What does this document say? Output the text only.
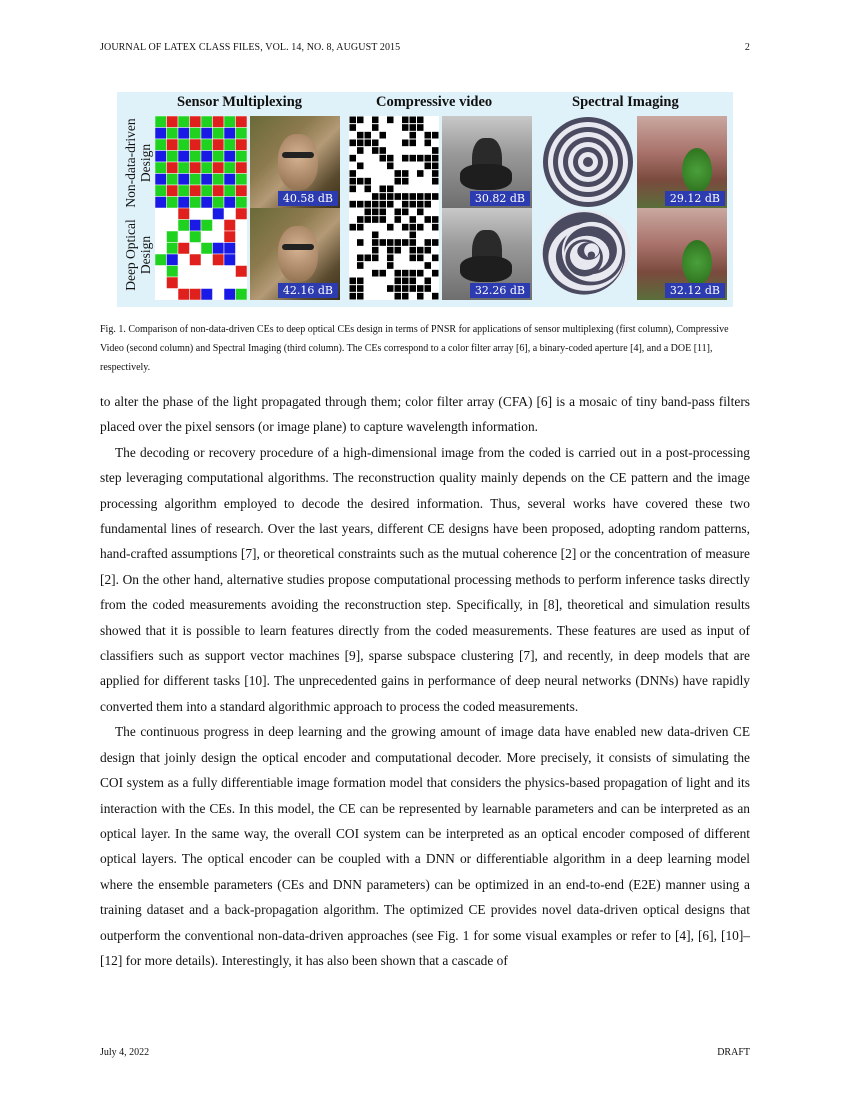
JOURNAL OF LATEX CLASS FILES, VOL. 14, NO. 8, AUGUST 2015	2
Sensor Multiplexing	Compressive video	Spectral Imaging
Non-data-driven Design
Deep Optical Design
40.58 dB	30.82 dB	29.12 dB
42.16 dB	32.26 dB	32.12 dB
Fig. 1. Comparison of non-data-driven CEs to deep optical CEs design in terms of PNSR for applications of sensor multiplexing (first column), Compressive Video (second column) and Spectral Imaging (third column). The CEs correspond to a color filter array [6], a binary-coded aperture [4], and a DOE [11], respectively.

to alter the phase of the light propagated through them; color filter array (CFA) [6] is a mosaic of tiny band-pass filters placed over the pixel sensors (or image plane) to capture wavelength information.

The decoding or recovery procedure of a high-dimensional image from the coded is carried out in a post-processing step leveraging computational algorithms. The reconstruction quality mainly depends on the CE pattern and the image processing algorithm employed to decode the desired information. Thus, several works have covered these two fundamental lines of research. Over the last years, different CE designs have been proposed, adopting random patterns, hand-crafted assumptions [7], or theoretical constraints such as the mutual coherence [2] or the concentration of measure [2]. On the other hand, alternative studies propose computational processing methods to perform inference tasks directly from the coded measurements avoiding the reconstruction step. Specifically, in [8], theoretical and simulation results showed that it is possible to learn features directly from the coded measurements. These features are used as input of classifiers such as support vector machines [9], sparse subspace clustering [7], and recently, in deep models that are applied for different tasks [10]. The unprecedented gains in performance of deep neural networks (DNNs) have rapidly converted them into a standard algorithmic approach to process the coded measurements.

The continuous progress in deep learning and the growing amount of image data have enabled new data-driven CE design that joinly design the optical encoder and computational decoder. More precisely, it consists of simulating the COI system as a fully differentiable image formation model that considers the physics-based propagation of light and its interaction with the CEs. In this model, the CE can be represented by learnable parameters and can be interpreted as an optical layer. In the same way, the overall COI system can be interpreted as an optical encoder composed of different optical layers. The optical encoder can be coupled with a DNN or differentiable algorithm in a deep learning model where the ensemble parameters (CEs and DNN parameters) can be optimized in an end-to-end (E2E) manner using a training dataset and a back-propagation algorithm. The optimized CE provides novel data-driven optical designs that outperform the conventional non-data-driven approaches (see Fig. 1 for some visual examples or refer to [4], [6], [10]–[12] for more details). Interestingly, it has also been shown that a cascade of

July 4, 2022	DRAFT
